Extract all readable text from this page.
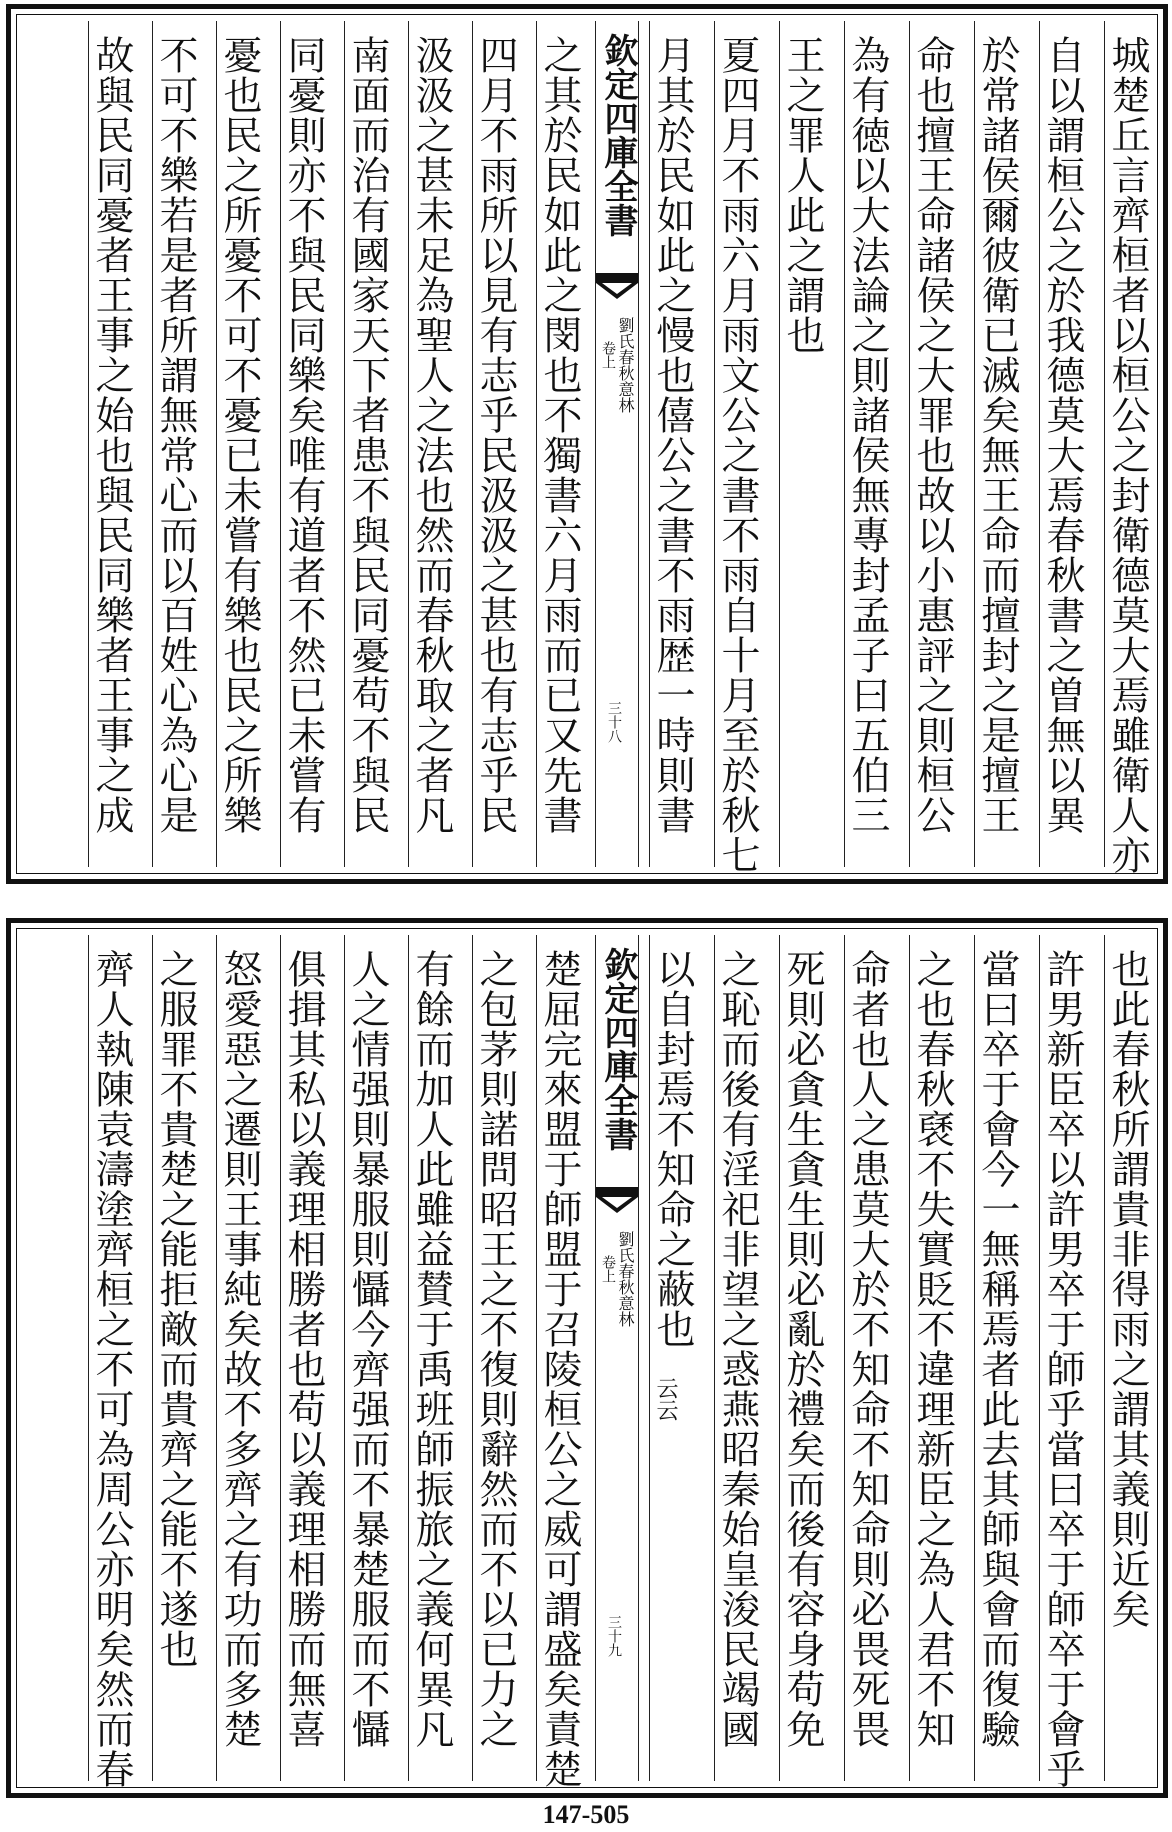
城楚丘言齊桓者以桓公之封衛德莫大焉雖衛人亦
自以謂桓公之於我德莫大焉春秋書之曽無以異
於常諸侯爾彼衛已滅矣無王命而擅封之是擅王
命也擅王命諸侯之大罪也故以小惠評之則桓公
為有徳以大法論之則諸侯無專封孟子曰五伯三
王之罪人此之謂也
夏四月不雨六月雨文公之書不雨自十月至於秋七
月其於民如此之慢也僖公之書不雨歴一時則書
欽定四庫全書
劉氏春秋意林
卷上
三十八
之其於民如此之閔也不獨書六月雨而已又先書
四月不雨所以見有志乎民汲汲之甚也有志乎民
汲汲之甚未足為聖人之法也然而春秋取之者凡
南面而治有國家天下者患不與民同憂苟不與民
同憂則亦不與民同樂矣唯有道者不然已未嘗有
憂也民之所憂不可不憂已未嘗有樂也民之所樂
不可不樂若是者所謂無常心而以百姓心為心是
故與民同憂者王事之始也與民同樂者王事之成
也此春秋所謂貴非得雨之謂其義則近矣
許男新臣卒以許男卒于師乎當曰卒于師卒于會乎
當曰卒于會今一無稱焉者此去其師與會而復驗
之也春秋褎不失實貶不違理新臣之為人君不知
命者也人之患莫大於不知命不知命則必畏死畏
死則必貪生貪生則必亂於禮矣而後有容身苟免
之恥而後有淫祀非望之惑燕昭秦始皇浚民竭國
以自封焉不知命之蔽也
云云
欽定四庫全書
劉氏春秋意林
卷上
三十九
楚屈完來盟于師盟于召陵桓公之威可謂盛矣責楚
之包茅則諾問昭王之不復則辭然而不以已力之
有餘而加人此雖益賛于禹班師振旅之義何異凡
人之情强則暴服則懾今齊强而不暴楚服而不懾
俱揖其私以義理相勝者也苟以義理相勝而無喜
怒愛惡之遷則王事純矣故不多齊之有功而多楚
之服罪不貴楚之能拒敵而貴齊之能不遂也
齊人執陳袁濤塗齊桓之不可為周公亦明矣然而春
147-505
